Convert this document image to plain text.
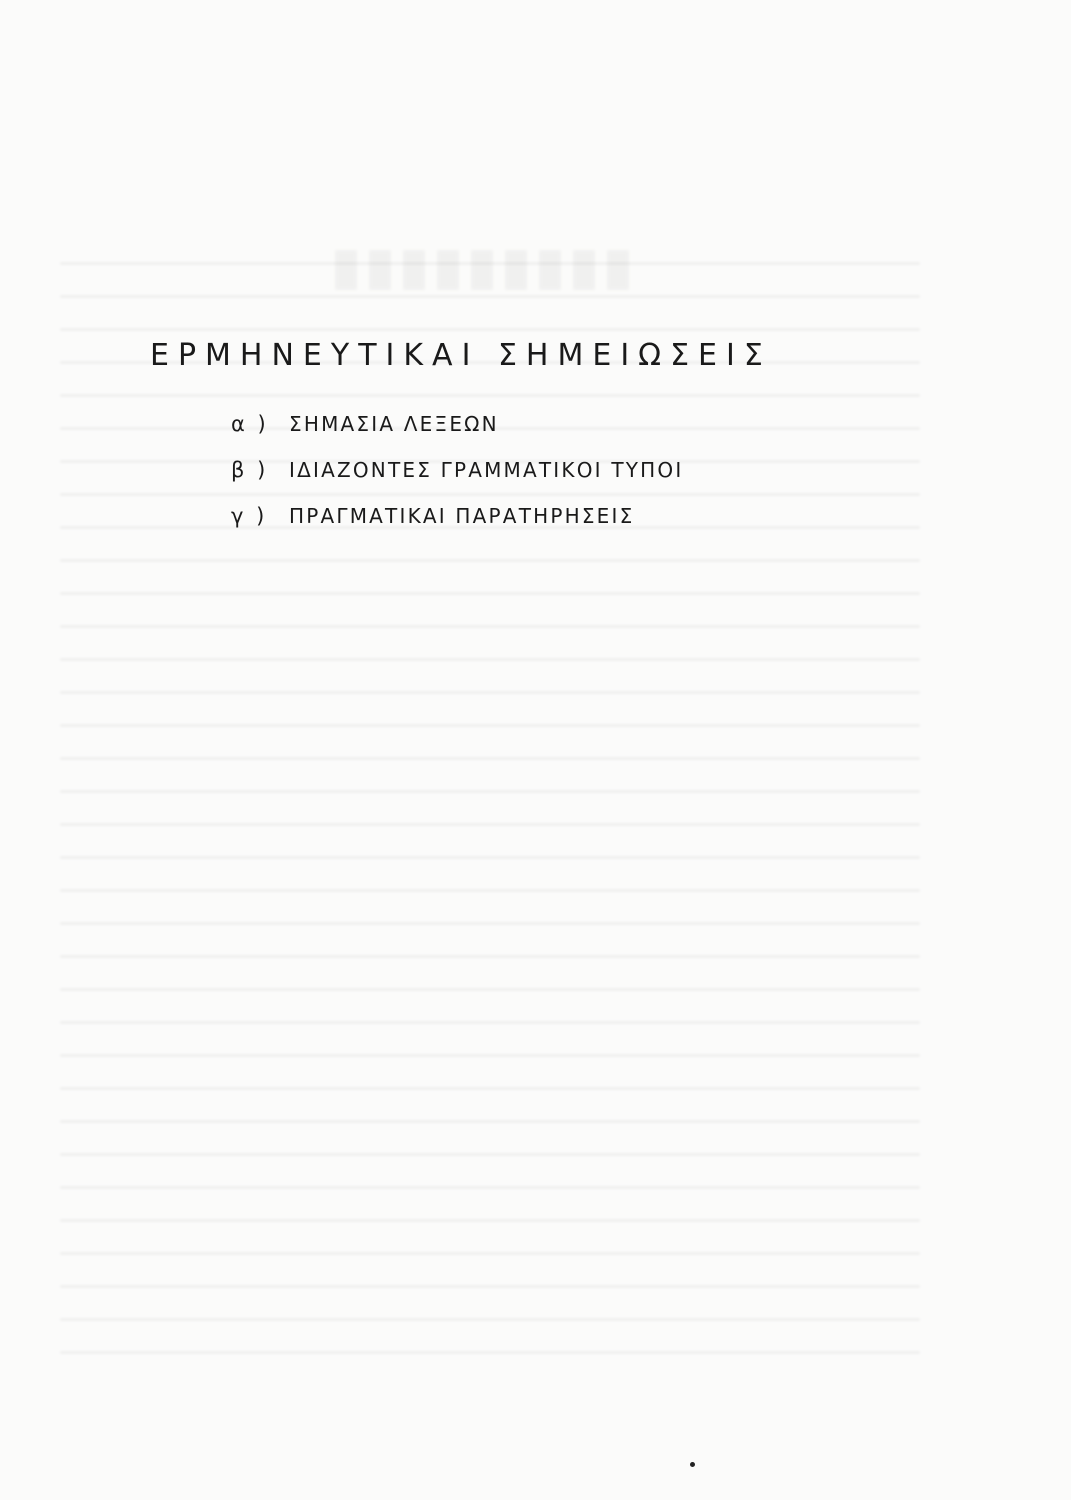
ΕΡΜΗΝΕΥΤΙΚΑΙ ΣΗΜΕΙΩΣΕΙΣ
α ) ΣΗΜΑΣΙΑ ΛΕΞΕΩΝ
β ) ΙΔΙΑΖΟΝΤΕΣ ΓΡΑΜΜΑΤΙΚΟΙ ΤΥΠΟΙ
γ ) ΠΡΑΓΜΑΤΙΚΑΙ ΠΑΡΑΤΗΡΗΣΕΙΣ
